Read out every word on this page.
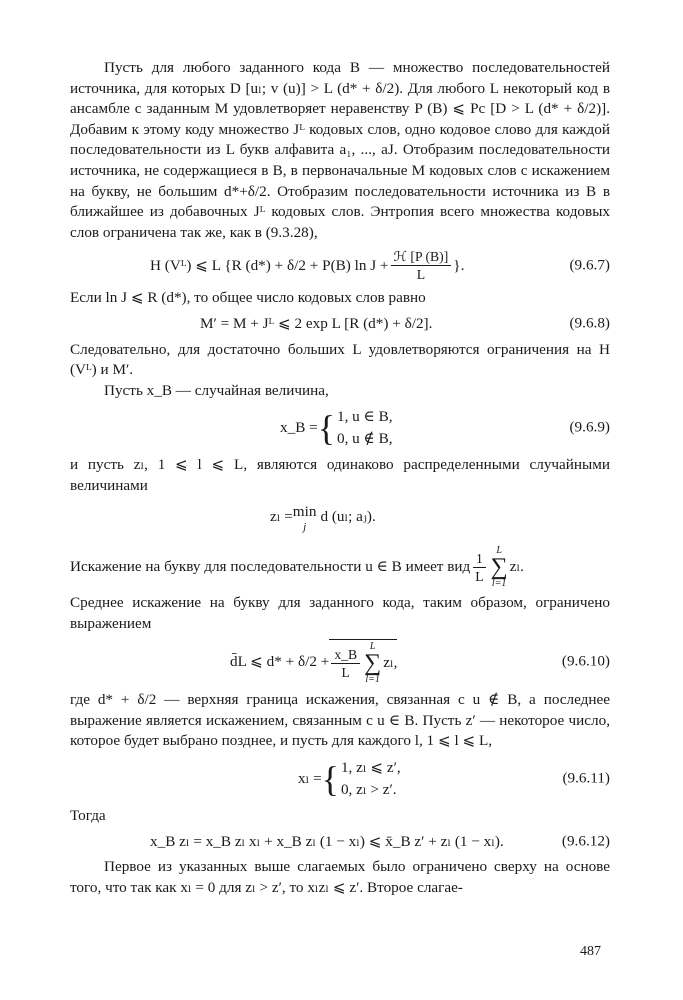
Пусть для любого заданного кода B — множество последовательностей источника, для которых D [uₗ; v (u)] > L (d* + δ/2). Для любого L некоторый код в ансамбле с заданным M удовлетворяет неравенству P (B) ⩽ Pс [D > L (d* + δ/2)]. Добавим к этому коду множество Jᴸ кодовых слов, одно кодовое слово для каждой последовательности из L букв алфавита a₁, ..., aJ. Отобразим последовательности источника, не содержащиеся в B, в первоначальные M кодовых слов с искажением на букву, не большим d*+δ/2. Отобразим последовательности источника из B в ближайшее из добавочных Jᴸ кодовых слов. Энтропия всего множества кодовых слов ограничена так же, как в (9.3.28),

H (Vᴸ) ⩽ L {R (d*) + δ/2 + P(B) $\ln J + \frac{\text{ℋ [P (B)]}}{L}$ }.	(9.6.7)

Если ln J ⩽ R (d*), то общее число кодовых слов равно

M′ = M + Jᴸ ⩽ 2 exp L [R (d*) + δ/2].	(9.6.8)

Следовательно, для достаточно больших L удовлетворяются ограничения на H (Vᴸ) и M′.

Пусть x_B — случайная величина,

x_B = { 1, u ∈ B,
0, u ∉ B,
(9.6.9)

и пусть zₗ, 1 ⩽ l ⩽ L, являются одинаково распределенными случайными величинами

zₗ = min
j
d (uₗ; aⱼ).

Искажение на букву для последовательности u ∈ B имеет вид $\frac{1}{L}$ L
∑
l=1
zₗ.

Среднее искажение на букву для заданного кода, таким образом, ограничено выражением

d̄L ⩽ $d* + \delta/2 + \frac{x\_B}{L}$ L
∑
l=1
zₗ,	(9.6.10)

где d* + δ/2 — верхняя граница искажения, связанная с u ∉ B, а последнее выражение является искажением, связанным с u ∈ B. Пусть z′ — некоторое число, которое будет выбрано позднее, и пусть для каждого l, 1 ⩽ l ⩽ L,

xₗ = { 1, zₗ ⩽ z′,
0, zₗ > z′.
(9.6.11)

Тогда

x_B zₗ = x_B zₗ xₗ + x_B zₗ (1 − xₗ) ⩽ x̄_B z′ + zₗ (1 − xₗ).	(9.6.12)

Первое из указанных выше слагаемых было ограничено сверху на основе того, что так как xₗ = 0 для zₗ > z′, то xₗzₗ ⩽ z′. Второе слагае-

487
